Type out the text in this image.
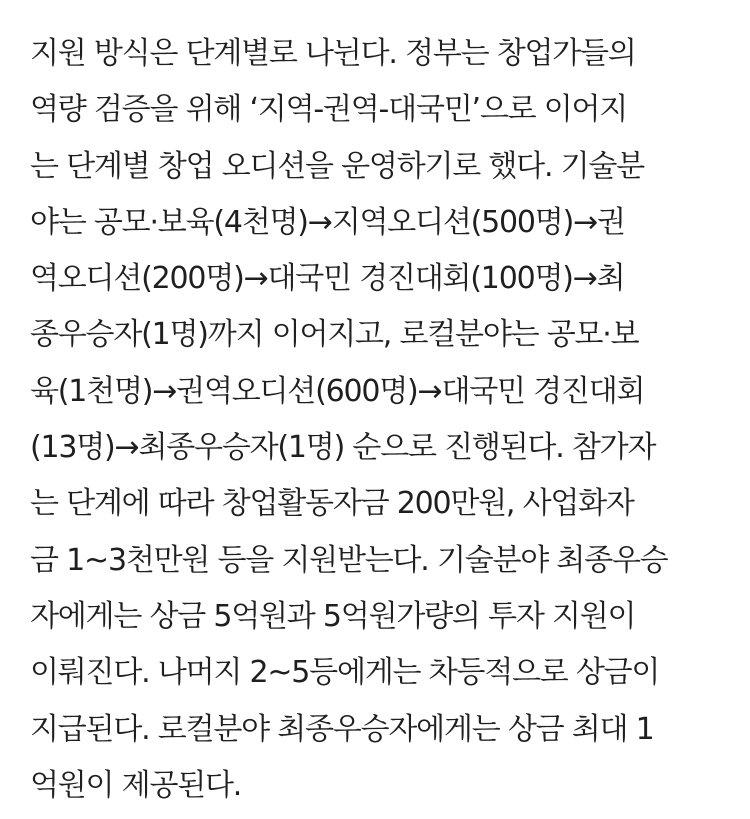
지원 방식은 단계별로 나뉜다. 정부는 창업가들의
역량 검증을 위해 ‘지역-권역-대국민’으로 이어지
는 단계별 창업 오디션을 운영하기로 했다. 기술분
야는 공모·보육(4천명)→지역오디션(500명)→권
역오디션(200명)→대국민 경진대회(100명)→최
종우승자(1명)까지 이어지고, 로컬분야는 공모·보
육(1천명)→권역오디션(600명)→대국민 경진대회
(13명)→최종우승자(1명) 순으로 진행된다. 참가자
는 단계에 따라 창업활동자금 200만원, 사업화자
금 1~3천만원 등을 지원받는다. 기술분야 최종우승
자에게는 상금 5억원과 5억원가량의 투자 지원이
이뤄진다. 나머지 2~5등에게는 차등적으로 상금이
지급된다. 로컬분야 최종우승자에게는 상금 최대 1
억원이 제공된다.
